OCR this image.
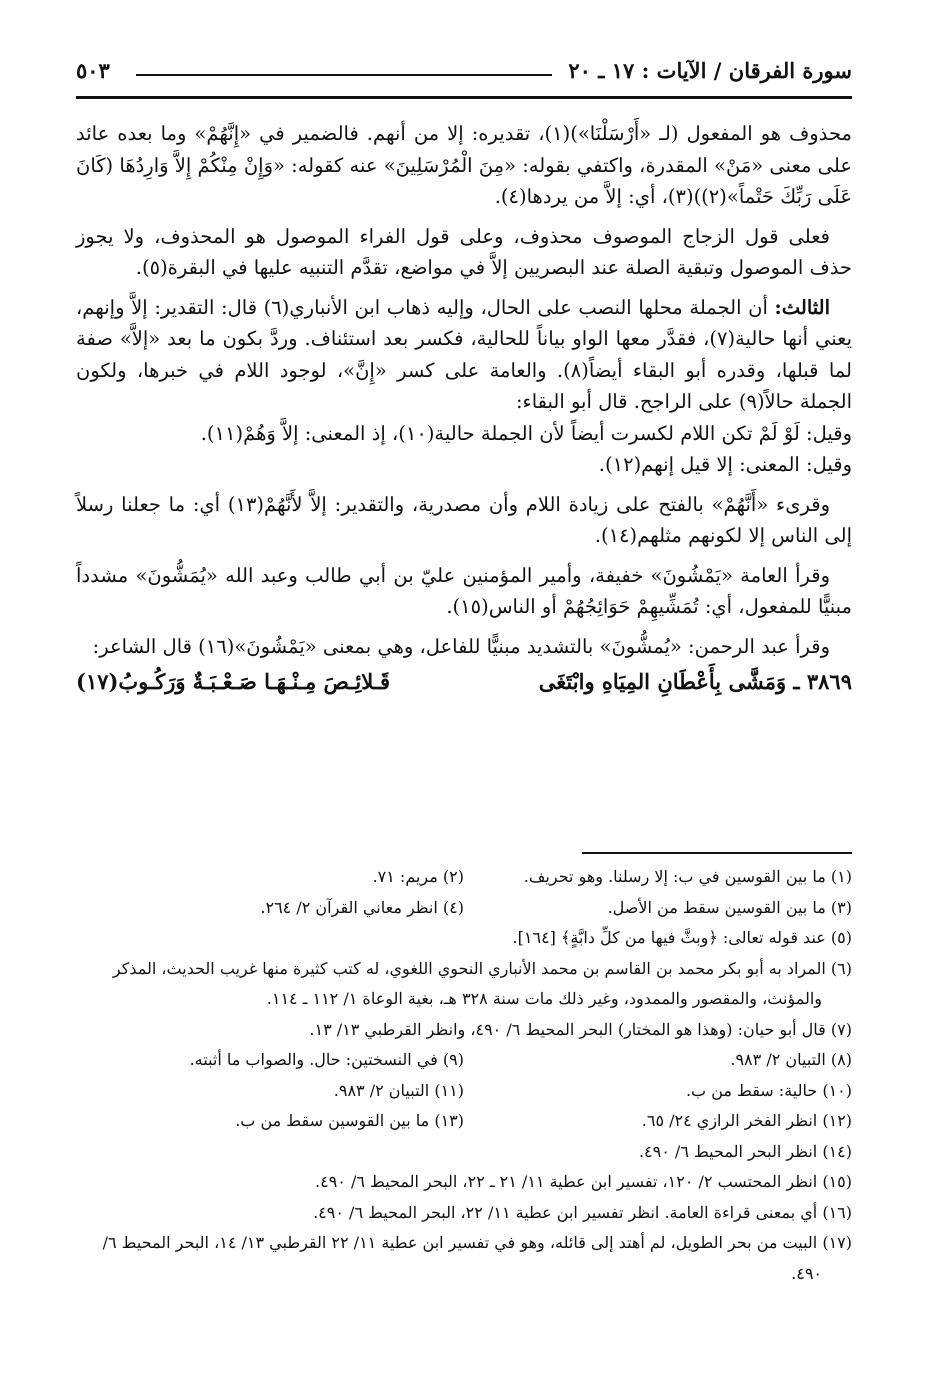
سورة الفرقان / الآيات : ١٧ ـ ٢٠
٥٠٣

محذوف هو المفعول (لـ «أَرْسَلْنَا»)(١)، تقديره: إلا من أنهم. فالضمير في «إِنَّهُمْ» وما بعده عائد على معنى «مَنْ» المقدرة، واكتفي بقوله: «مِنَ الْمُرْسَلِينَ» عنه كقوله: «وَإِنْ مِنْكُمْ إِلاَّ وَارِدُهَا (كَانَ عَلَى رَبِّكَ حَتْماً»(٢))(٣)، أي: إلاَّ من يردها(٤).

فعلى قول الزجاج الموصوف محذوف، وعلى قول الفراء الموصول هو المحذوف، ولا يجوز حذف الموصول وتبقية الصلة عند البصريين إلاَّ في مواضع، تقدَّم التنبيه عليها في البقرة(٥).

الثالث: أن الجملة محلها النصب على الحال، وإليه ذهاب ابن الأنباري(٦) قال: التقدير: إلاَّ وإنهم، يعني أنها حالية(٧)، فقدَّر معها الواو بياناً للحالية، فكسر بعد استئناف. وردَّ بكون ما بعد «إلاَّ» صفة لما قبلها، وقدره أبو البقاء أيضاً(٨). والعامة على كسر «إِنَّ»، لوجود اللام في خبرها، ولكون الجملة حالاً(٩) على الراجح. قال أبو البقاء:

وقيل: لَوْ لَمْ تكن اللام لكسرت أيضاً لأن الجملة حالية(١٠)، إذ المعنى: إلاَّ وَهُمْ(١١).

وقيل: المعنى: إلا قيل إنهم(١٢).

وقرىء «أَنَّهُمْ» بالفتح على زيادة اللام وأن مصدرية، والتقدير: إلاَّ لأَنَّهُمْ(١٣) أي: ما جعلنا رسلاً إلى الناس إلا لكونهم مثلهم(١٤).

وقرأ العامة «يَمْشُونَ» خفيفة، وأمير المؤمنين عليّ بن أبي طالب وعبد الله «يُمَشُّونَ» مشدداً مبنيًّا للمفعول، أي: تُمَشِّيهِمْ حَوَائِجُهُمْ أو الناس(١٥).

وقرأ عبد الرحمن: «يُمشُّونَ» بالتشديد مبنيًّا للفاعل، وهي بمعنى «يَمْشُونَ»(١٦) قال الشاعر:

٣٨٦٩ ـ وَمَشَّى بِأَعْطَانِ المِيَاهِ وابْتَغَى
قَـلائِـصَ مِـنْـهَـا صَـعْـبَـةٌ وَرَكُـوبُ(١٧)
(١) ما بين القوسين في ب: إلا رسلنا. وهو تحريف.
(٢) مريم: ٧١.
(٣) ما بين القوسين سقط من الأصل.
(٤) انظر معاني القرآن ٢/ ٢٦٤.
(٥) عند قوله تعالى: ﴿وبثَّ فيها من كلِّ دابَّةٍ﴾ [١٦٤].
(٦) المراد به أبو بكر محمد بن القاسم بن محمد الأنباري النحوي اللغوي، له كتب كثيرة منها غريب الحديث، المذكر والمؤنث، والمقصور والممدود، وغير ذلك مات سنة ٣٢٨ هـ، بغية الوعاة ١/ ١١٢ ـ ١١٤.
(٧) قال أبو حيان: (وهذا هو المختار) البحر المحيط ٦/ ٤٩٠، وانظر القرطبي ١٣/ ١٣.
(٨) التبيان ٢/ ٩٨٣.
(٩) في النسختين: حال. والصواب ما أثبته.
(١٠) حالية: سقط من ب.
(١١) التبيان ٢/ ٩٨٣.
(١٢) انظر الفخر الرازي ٢٤/ ٦٥.
(١٣) ما بين القوسين سقط من ب.
(١٤) انظر البحر المحيط ٦/ ٤٩٠.
(١٥) انظر المحتسب ٢/ ١٢٠، تفسير ابن عطية ١١/ ٢١ ـ ٢٢، البحر المحيط ٦/ ٤٩٠.
(١٦) أي بمعنى قراءة العامة. انظر تفسير ابن عطية ١١/ ٢٢، البحر المحيط ٦/ ٤٩٠.
(١٧) البيت من بحر الطويل، لم أهتد إلى قائله، وهو في تفسير ابن عطية ١١/ ٢٢ القرطبي ١٣/ ١٤، البحر المحيط ٦/ ٤٩٠.
